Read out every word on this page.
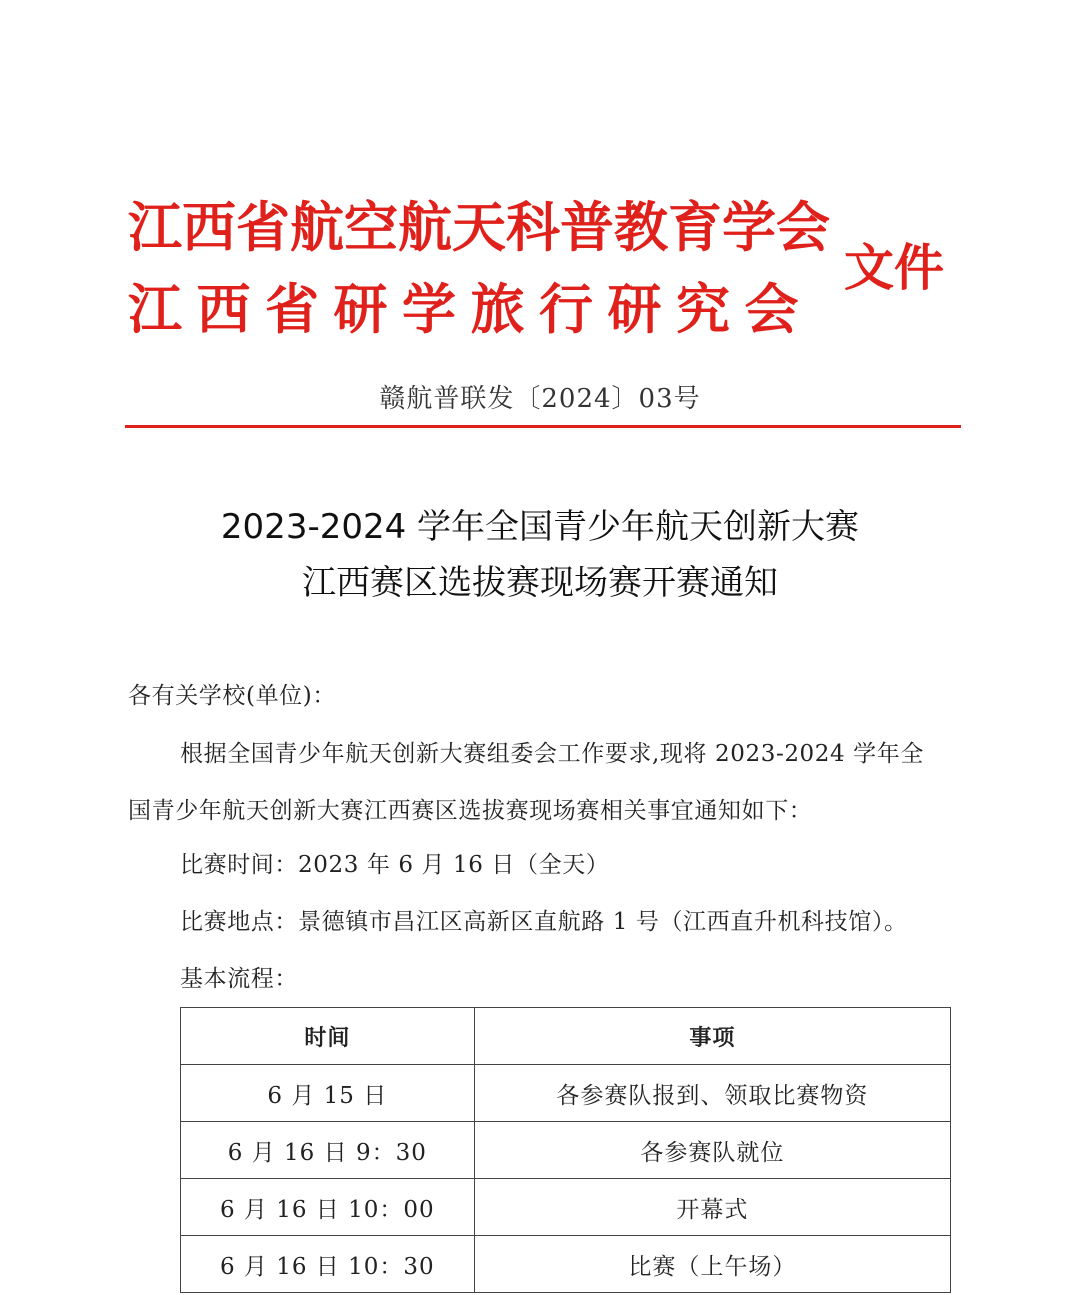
江西省航空航天科普教育学会
江西省研学旅行研究会
文件
赣航普联发〔2024〕03号
2023-2024 学年全国青少年航天创新大赛
江西赛区选拔赛现场赛开赛通知
各有关学校(单位)：
根据全国青少年航天创新大赛组委会工作要求,现将 2023-2024 学年全
国青少年航天创新大赛江西赛区选拔赛现场赛相关事宜通知如下：
比赛时间：2023 年 6 月 16 日（全天）
比赛地点：景德镇市昌江区高新区直航路 1 号（江西直升机科技馆）。
基本流程：
时间	事项
6 月 15 日	各参赛队报到、领取比赛物资
6 月 16 日 9：30	各参赛队就位
6 月 16 日 10：00	开幕式
6 月 16 日 10：30	比赛（上午场）
